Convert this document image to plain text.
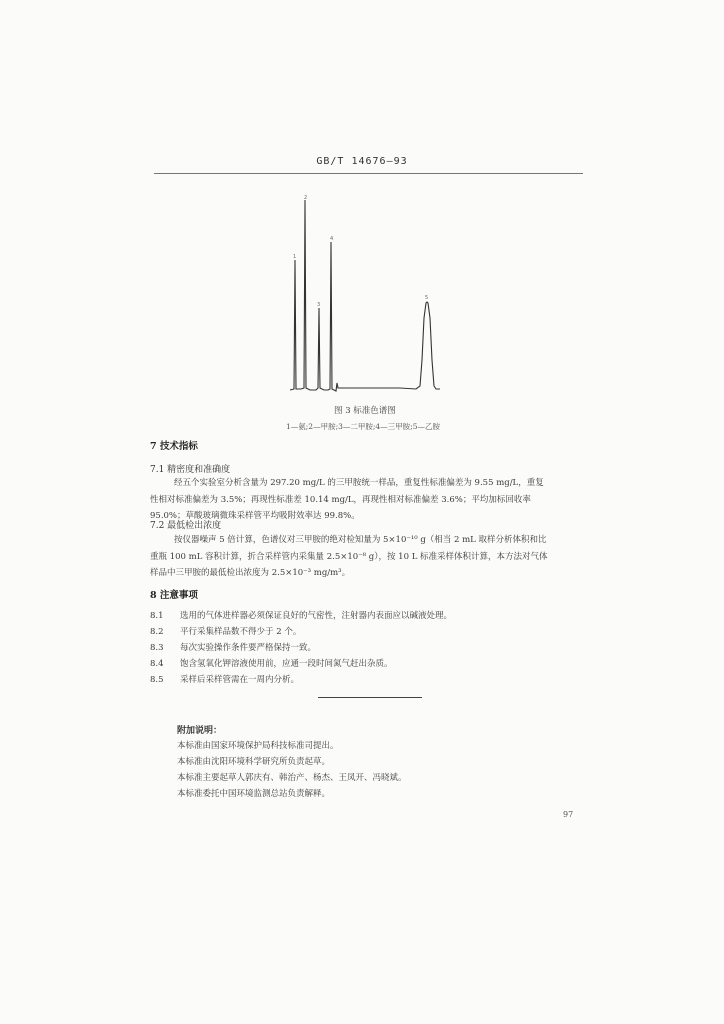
GB/T 14676—93
1
2
3
4
5
图 3 标准色谱图
1—氨;2—甲胺;3—二甲胺;4—三甲胺;5—乙胺
7 技术指标
7.1 精密度和准确度
经五个实验室分析含量为 297.20 mg/L 的三甲胺统一样品，重复性标准偏差为 9.55 mg/L，重复
性相对标准偏差为 3.5%；再现性标准差 10.14 mg/L，再现性相对标准偏差 3.6%；平均加标回收率
95.0%；草酸玻璃微珠采样管平均吸附效率达 99.8%。
7.2 最低检出浓度
按仪器噪声 5 倍计算，色谱仪对三甲胺的绝对检知量为 5×10⁻¹⁰ g（相当 2 mL 取样分析体积和比
重瓶 100 mL 容积计算，折合采样管内采集量 2.5×10⁻⁸ g），按 10 L 标准采样体积计算，本方法对气体
样品中三甲胺的最低检出浓度为 2.5×10⁻³ mg/m³。
8 注意事项
8.1 选用的气体进样器必须保证良好的气密性，注射器内表面应以碱液处理。
8.2 平行采集样品数不得少于 2 个。
8.3 每次实验操作条件要严格保持一致。
8.4 饱含氢氧化钾溶液使用前，应通一段时间氮气赶出杂质。
8.5 采样后采样管需在一周内分析。
附加说明：
本标准由国家环境保护局科技标准司提出。
本标准由沈阳环境科学研究所负责起草。
本标准主要起草人郭庆有、韩治产、杨杰、王凤开、冯晓斌。
本标准委托中国环境监测总站负责解释。
97
